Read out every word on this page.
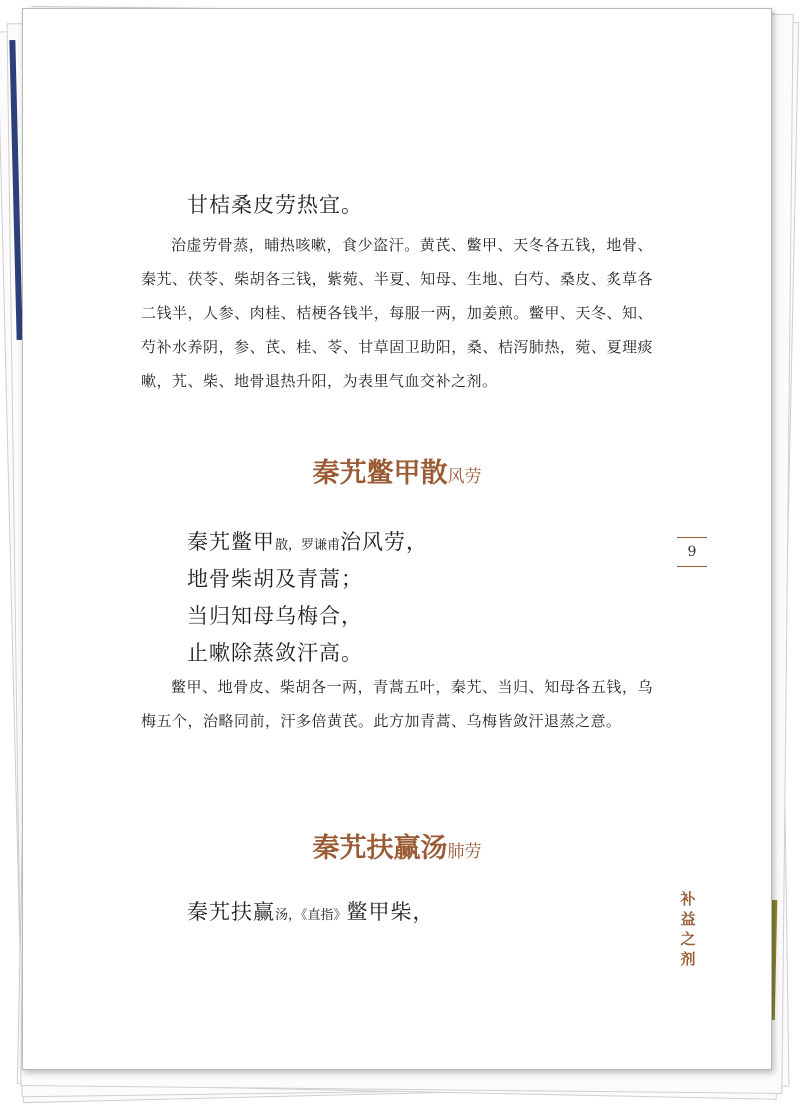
甘桔桑皮劳热宜。
治虚劳骨蒸，晡热咳嗽，食少盗汗。黄芪、鳖甲、天冬各五钱，地骨、秦艽、茯苓、柴胡各三钱，紫菀、半夏、知母、生地、白芍、桑皮、炙草各二钱半，人参、肉桂、桔梗各钱半，每服一两，加姜煎。鳖甲、天冬、知、芍补水养阴，参、芪、桂、苓、甘草固卫助阳，桑、桔泻肺热，菀、夏理痰嗽，艽、柴、地骨退热升阳，为表里气血交补之剂。
秦艽鳖甲散风劳
秦艽鳖甲散，罗谦甫治风劳，
地骨柴胡及青蒿；
当归知母乌梅合，
止嗽除蒸敛汗高。
鳖甲、地骨皮、柴胡各一两，青蒿五叶，秦艽、当归、知母各五钱，乌梅五个，治略同前，汗多倍黄芪。此方加青蒿、乌梅皆敛汗退蒸之意。
秦艽扶赢汤肺劳
秦艽扶赢汤，《直指》鳖甲柴，
9
补
益
之
剂
